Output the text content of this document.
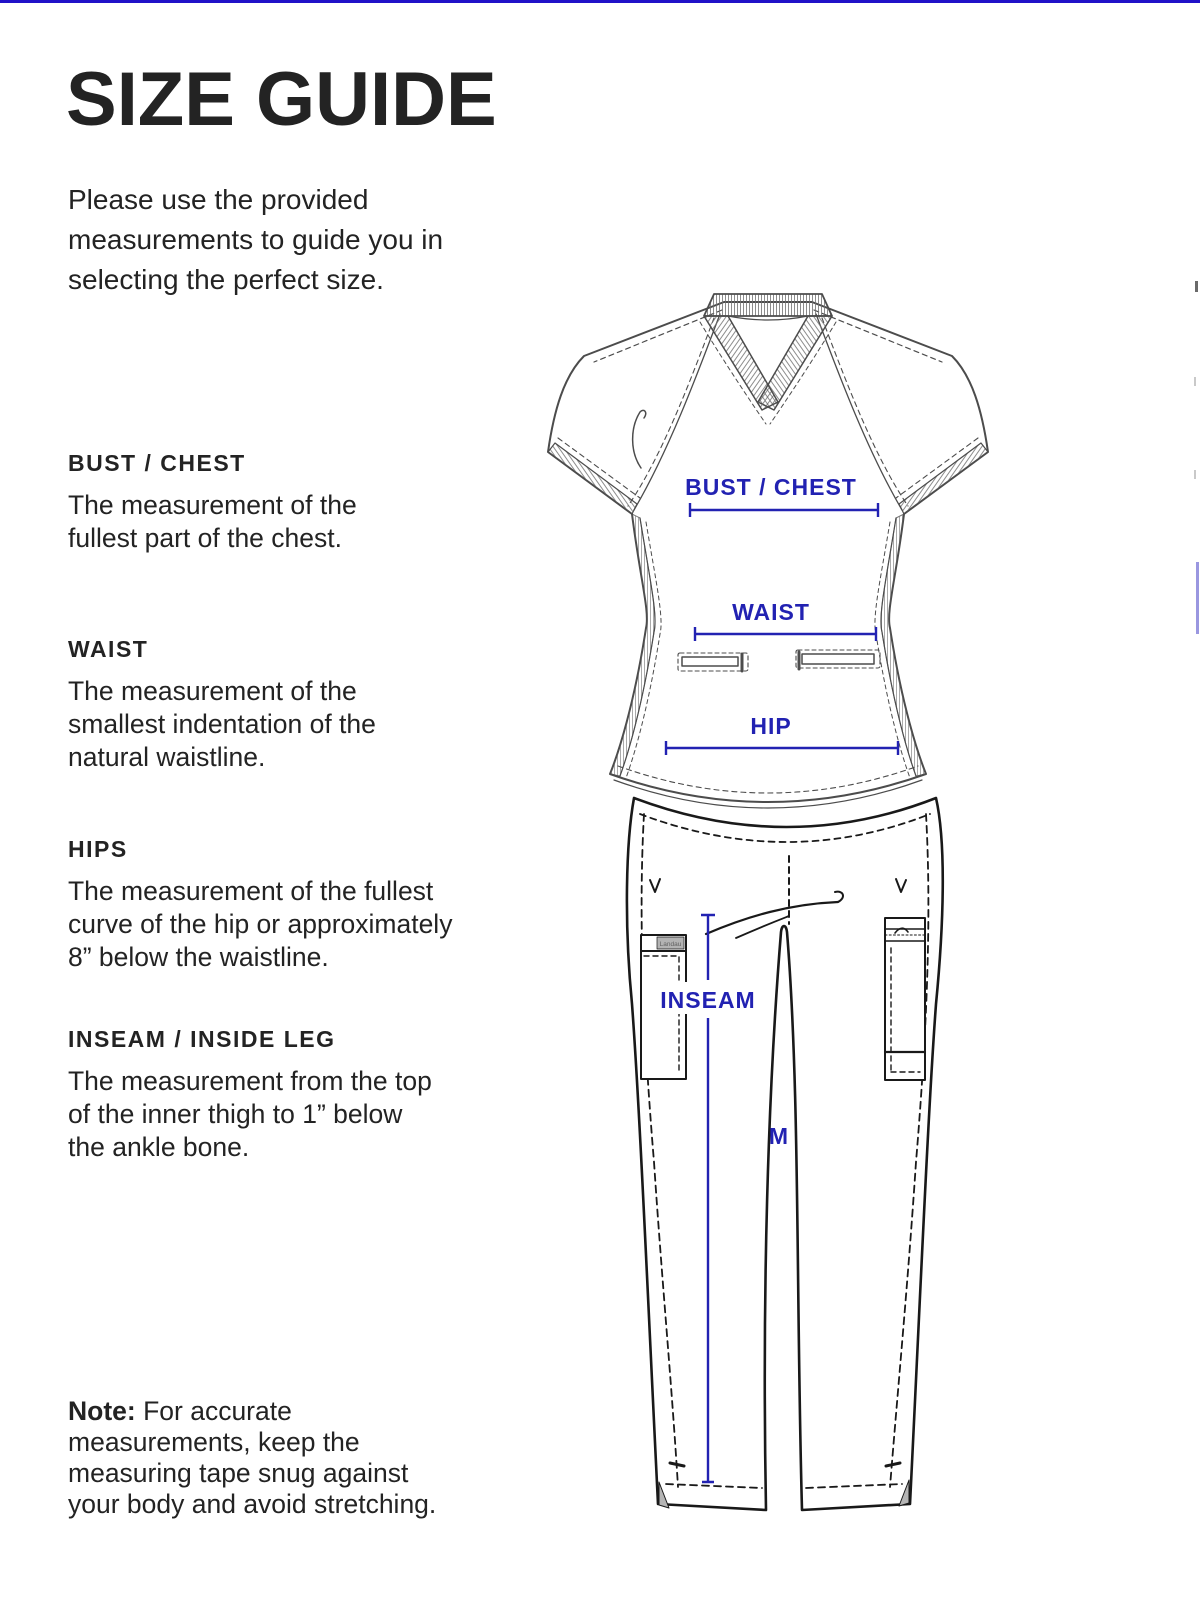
SIZE GUIDE
Please use the provided
measurements to guide you in
selecting the perfect size.
BUST / CHEST
The measurement of the
fullest part of the chest.
WAIST
The measurement of the
smallest indentation of the
natural waistline.
HIPS
The measurement of the fullest
curve of the hip or approximately
8” below the waistline.
INSEAM / INSIDE LEG
The measurement from the top
of the inner thigh to 1” below
the ankle bone.
Note: For accurate
measurements, keep the
measuring tape snug against
your body and avoid stretching.
Landau
BUST / CHEST
WAIST
HIP
INSEAM
M
